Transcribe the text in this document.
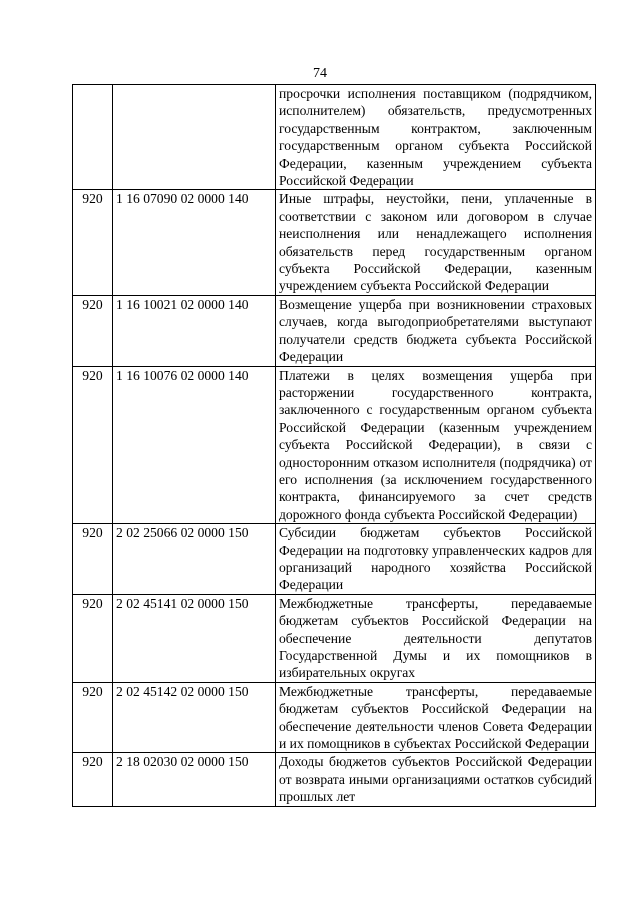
74
		просрочки исполнения поставщиком (подрядчиком, исполнителем) обязательств, предусмотренных государственным контрактом, заключенным государственным органом субъекта Российской Федерации, казенным учреждением субъекта Российской Федерации
920	1 16 07090 02 0000 140	Иные штрафы, неустойки, пени, уплаченные в соответствии с законом или договором в случае неисполнения или ненадлежащего исполнения обязательств перед государственным органом субъекта Российской Федерации, казенным учреждением субъекта Российской Федерации
920	1 16 10021 02 0000 140	Возмещение ущерба при возникновении страховых случаев, когда выгодоприобретателями выступают получатели средств бюджета субъекта Российской Федерации
920	1 16 10076 02 0000 140	Платежи в целях возмещения ущерба при расторжении государственного контракта, заключенного с государственным органом субъекта Российской Федерации (казенным учреждением субъекта Российской Федерации), в связи с односторонним отказом исполнителя (подрядчика) от его исполнения (за исключением государственного контракта, финансируемого за счет средств дорожного фонда субъекта Российской Федерации)
920	2 02 25066 02 0000 150	Субсидии бюджетам субъектов Российской Федерации на подготовку управленческих кадров для организаций народного хозяйства Российской Федерации
920	2 02 45141 02 0000 150	Межбюджетные трансферты, передаваемые бюджетам субъектов Российской Федерации на обеспечение деятельности депутатов Государственной Думы и их помощников в избирательных округах
920	2 02 45142 02 0000 150	Межбюджетные трансферты, передаваемые бюджетам субъектов Российской Федерации на обеспечение деятельности членов Совета Федерации и их помощников в субъектах Российской Федерации
920	2 18 02030 02 0000 150	Доходы бюджетов субъектов Российской Федерации от возврата иными организациями остатков субсидий прошлых лет
